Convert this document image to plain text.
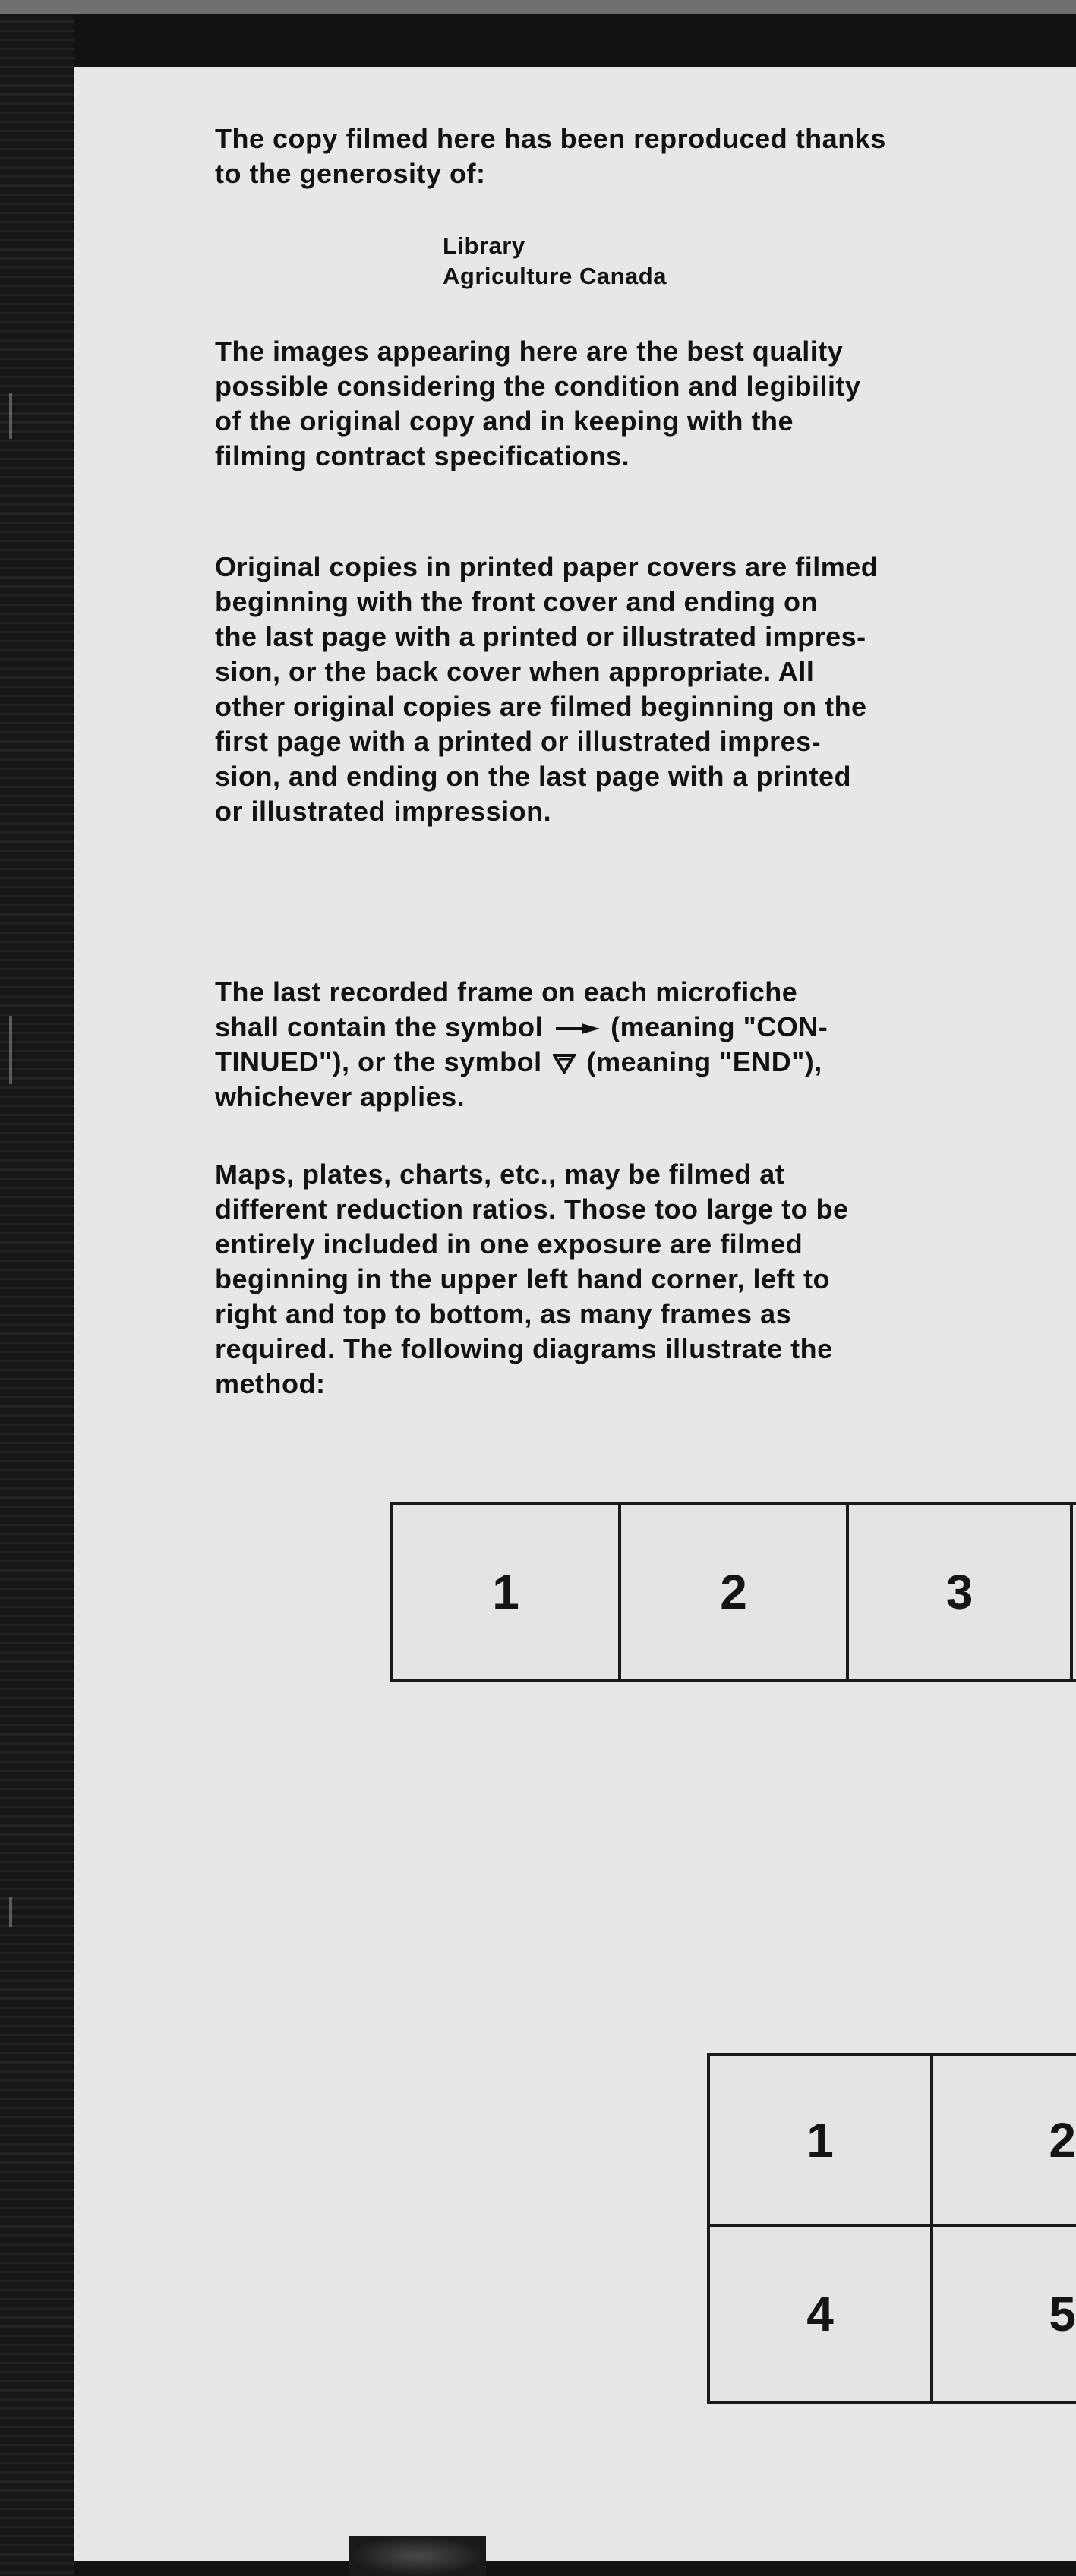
The copy filmed here has been reproduced thanks
to the generosity of:
Library
Agriculture Canada
The images appearing here are the best quality
possible considering the condition and legibility
of the original copy and in keeping with the
filming contract specifications.
Original copies in printed paper covers are filmed
beginning with the front cover and ending on
the last page with a printed or illustrated impres-
sion, or the back cover when appropriate. All
other original copies are filmed beginning on the
first page with a printed or illustrated impres-
sion, and ending on the last page with a printed
or illustrated impression.
The last recorded frame on each microfiche
shall contain the symbol (meaning "CON-
TINUED"), or the symbol (meaning "END"),
whichever applies.
Maps, plates, charts, etc., may be filmed at
different reduction ratios. Those too large to be
entirely included in one exposure are filmed
beginning in the upper left hand corner, left to
right and top to bottom, as many frames as
required. The following diagrams illustrate the
method:
1	2	3
1	2
4	5
